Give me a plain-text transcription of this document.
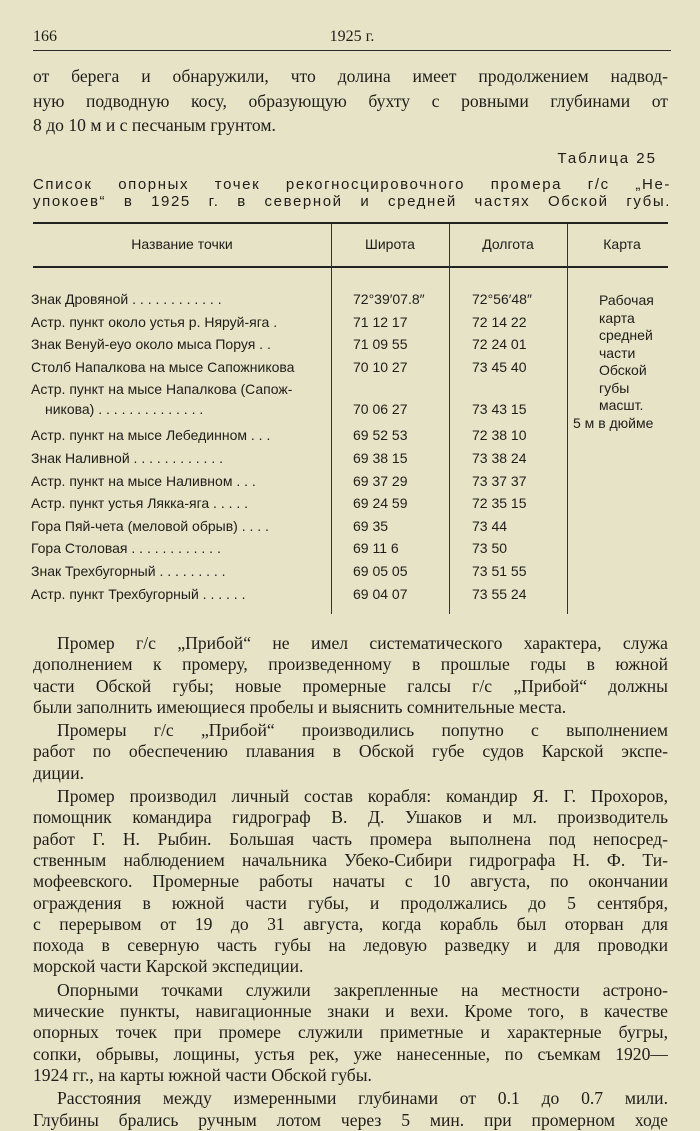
166	1925 г.
от берега и обнаружили, что долина имеет продолжением надвод-
ную подводную косу, образующую бухту с ровными глубинами от
8 до 10 м и с песчаным грунтом.
Таблица 25
Список опорных точек рекогносцировочного промера г/с „Не-
упокоев“ в 1925 г. в северной и средней частях Обской губы.
Название точки	Широта	Долгота	Карта
Знак Дровяной . . . . . . . . . . . .	72°39′07.8″	72°56′48″
Астр. пункт около устья р. Няруй-яга .	71 12 17	72 14 22
Знак Венуй-еуо около мыса Поруя . .	71 09 55	72 24 01
Столб Напалкова на мысе Сапожникова	70 10 27	73 45 40
Астр. пункт на мысе Напалкова (Сапож-
никова) . . . . . . . . . . . . . .	70 06 27	73 43 15
Астр. пункт на мысе Лебединном . . .	69 52 53	72 38 10
Знак Наливной . . . . . . . . . . . .	69 38 15	73 38 24
Астр. пункт на мысе Наливном . . .	69 37 29	73 37 37
Астр. пункт устья Лякка-яга . . . . .	69 24 59	72 35 15
Гора Пяй-чета (меловой обрыв) . . . .	69 35	73 44
Гора Столовая . . . . . . . . . . . .	69 11 6	73 50
Знак Трехбугорный . . . . . . . . .	69 05 05	73 51 55
Астр. пункт Трехбугорный . . . . . .	69 04 07	73 55 24
Рабочая
карта
средней
части
Обской
губы
масшт.
5 м в дюйме
Промер г/с „Прибой“ не имел систематического характера, служа
дополнением к промеру, произведенному в прошлые годы в южной
части Обской губы; новые промерные галсы г/с „Прибой“ должны
были заполнить имеющиеся пробелы и выяснить сомнительные места.
Промеры г/с „Прибой“ производились попутно с выполнением
работ по обеспечению плавания в Обской губе судов Карской экспе-
диции.
Промер производил личный состав корабля: командир Я. Г. Прохоров,
помощник командира гидрограф В. Д. Ушаков и мл. производитель
работ Г. Н. Рыбин. Большая часть промера выполнена под непосред-
ственным наблюдением начальника Убеко-Сибири гидрографа Н. Ф. Ти-
мофеевского. Промерные работы начаты с 10 августа, по окончании
ограждения в южной части губы, и продолжались до 5 сентября,
с перерывом от 19 до 31 августа, когда корабль был оторван для
похода в северную часть губы на ледовую разведку и для проводки
морской части Карской экспедиции.
Опорными точками служили закрепленные на местности астроно-
мические пункты, навигационные знаки и вехи. Кроме того, в качестве
опорных точек при промере служили приметные и характерные бугры,
сопки, обрывы, лощины, устья рек, уже нанесенные, по съемкам 1920—
1924 гг., на карты южной части Обской губы.
Расстояния между измеренными глубинами от 0.1 до 0.7 мили.
Глубины брались ручным лотом через 5 мин. при промерном ходе
